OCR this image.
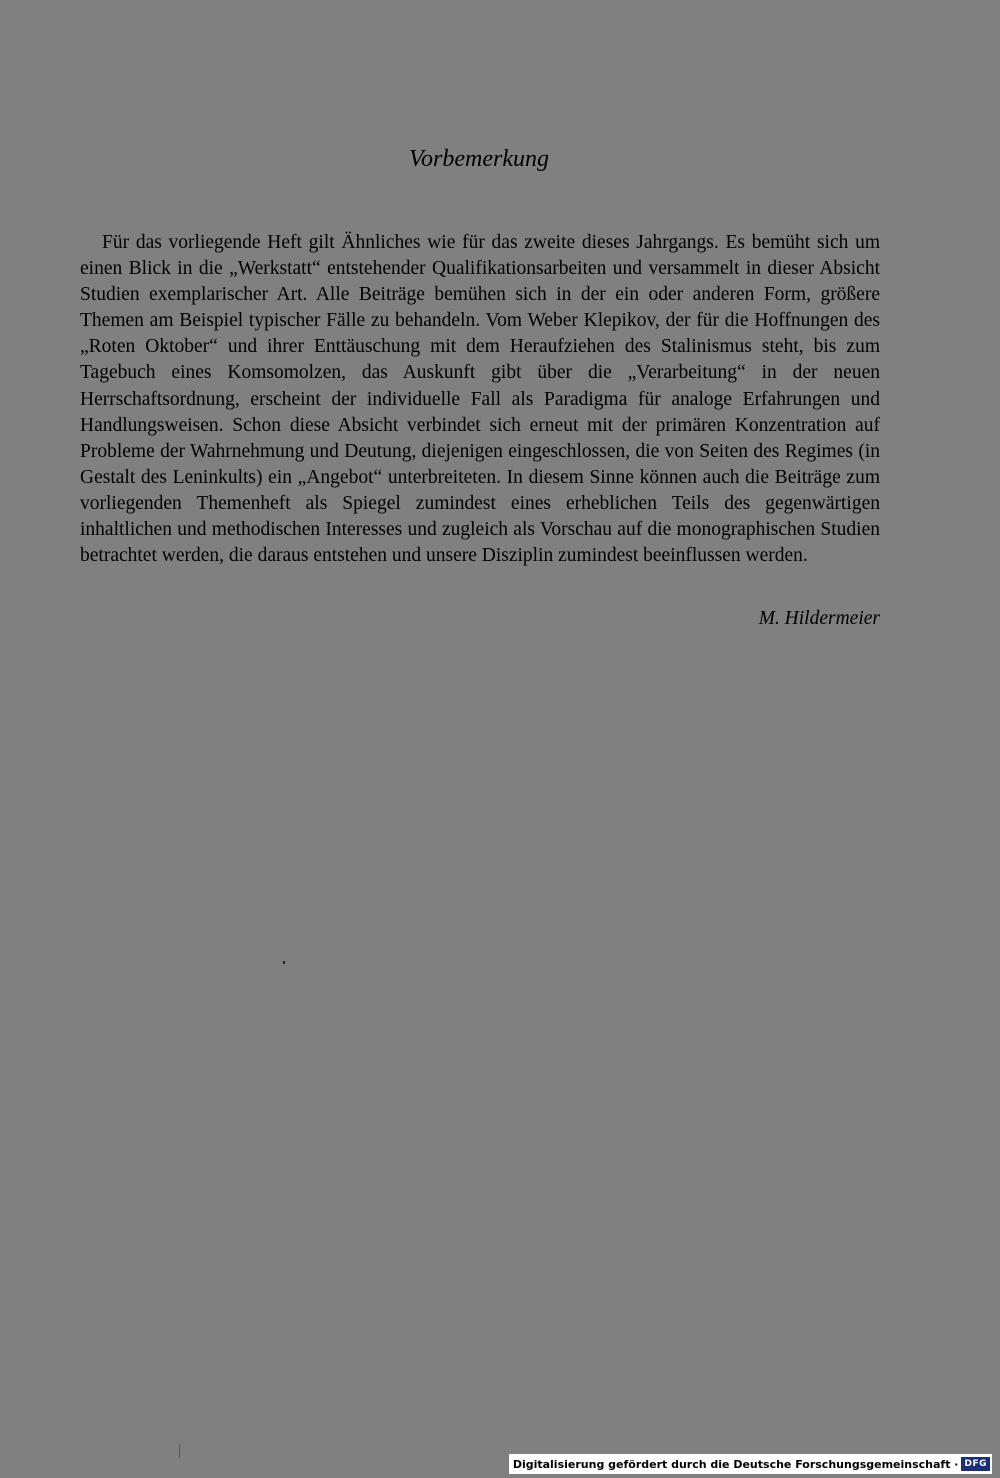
Vorbemerkung

Für das vorliegende Heft gilt Ähnliches wie für das zweite dieses Jahrgangs. Es bemüht sich um einen Blick in die „Werkstatt“ entstehender Qualifikationsarbeiten und versammelt in dieser Absicht Studien exemplarischer Art. Alle Beiträge bemühen sich in der ein oder anderen Form, größere Themen am Beispiel typischer Fälle zu behandeln. Vom Weber Klepikov, der für die Hoffnungen des „Roten Oktober“ und ihrer Enttäuschung mit dem Heraufziehen des Stalinismus steht, bis zum Tagebuch eines Komsomolzen, das Auskunft gibt über die „Verarbeitung“ in der neuen Herrschaftsordnung, erscheint der individuelle Fall als Paradigma für analoge Erfahrungen und Handlungsweisen. Schon diese Absicht verbindet sich erneut mit der primären Konzentration auf Probleme der Wahrnehmung und Deutung, diejenigen eingeschlossen, die von Seiten des Regimes (in Gestalt des Leninkults) ein „Angebot“ unterbreiteten. In diesem Sinne können auch die Beiträge zum vorliegenden Themenheft als Spiegel zumindest eines erheblichen Teils des gegenwärtigen inhaltlichen und methodischen Interesses und zugleich als Vorschau auf die monographischen Studien betrachtet werden, die daraus entstehen und unsere Disziplin zumindest beeinflussen werden.

M. Hildermeier
Digitalisierung gefördert durch die Deutsche Forschungsgemeinschaft · DFG
